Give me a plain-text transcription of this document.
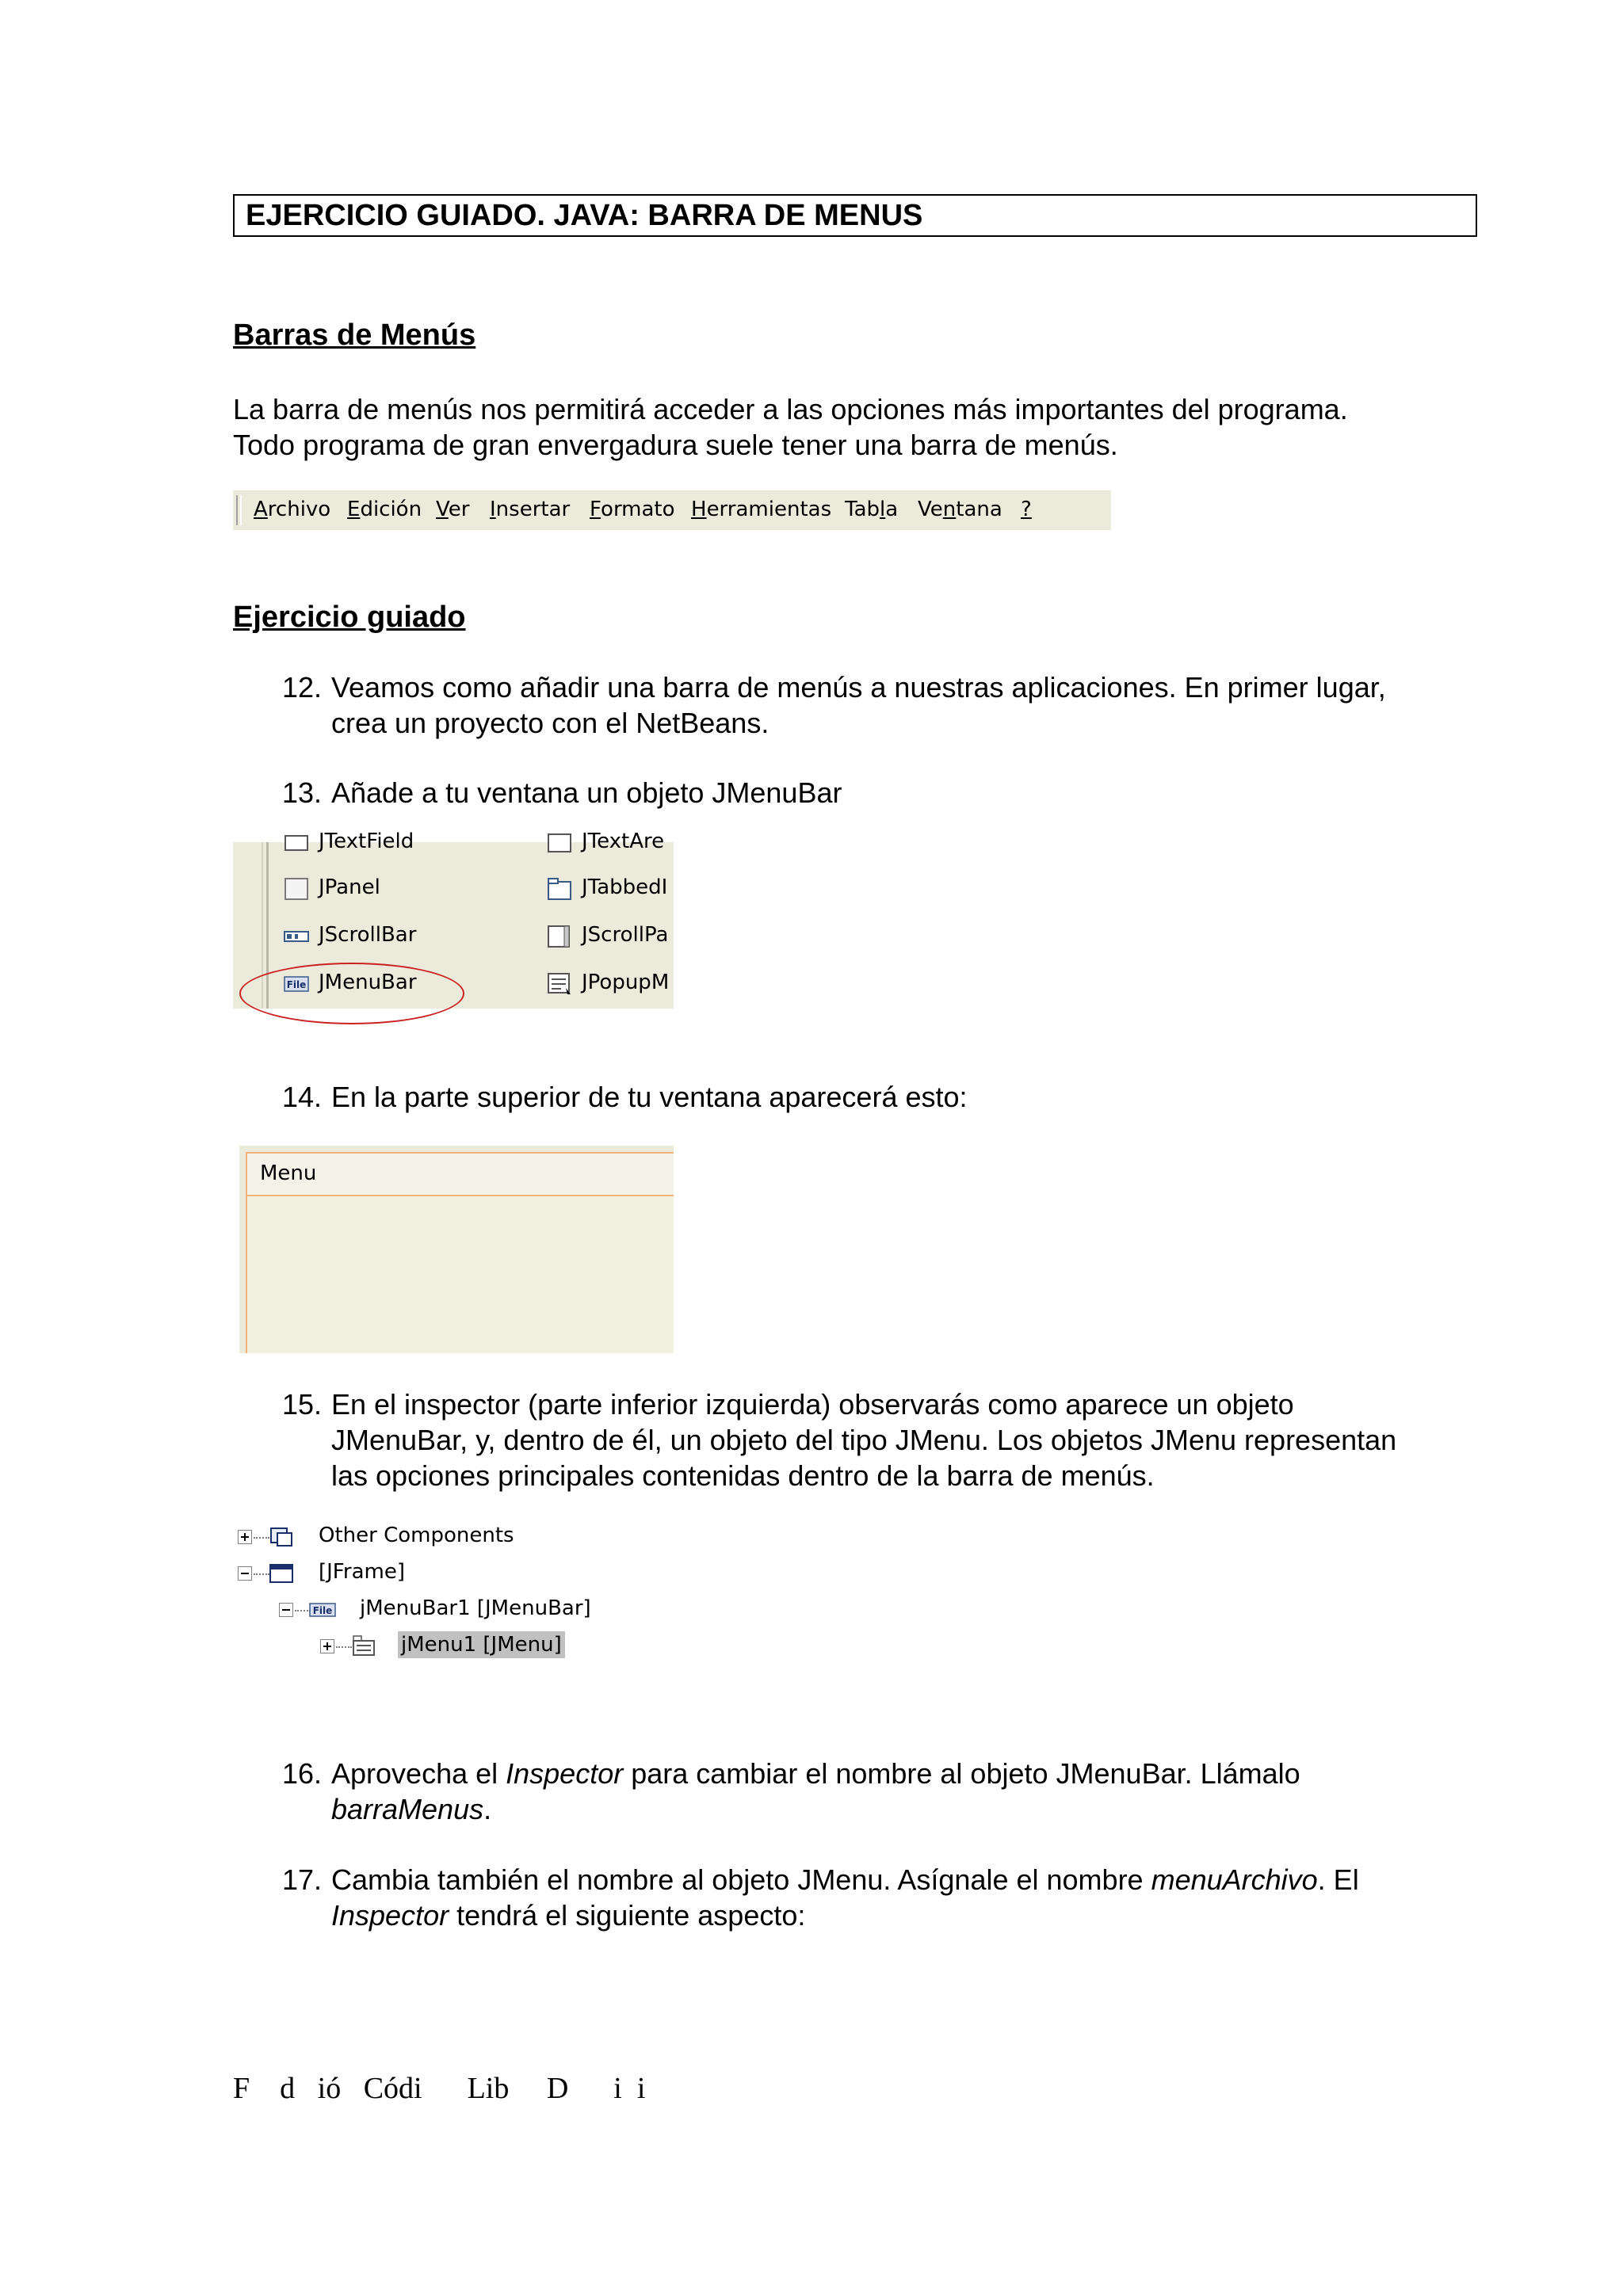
EJERCICIO GUIADO. JAVA: BARRA DE MENUS
Barras de Menús
La barra de menús nos permitirá acceder a las opciones más importantes del programa.
Todo programa de gran envergadura suele tener una barra de menús.
Archivo Edición Ver Insertar Formato Herramientas Tabla Ventana ?
Ejercicio guiado
12. Veamos como añadir una barra de menús a nuestras aplicaciones. En primer lugar,
crea un proyecto con el NetBeans.
13. Añade a tu ventana un objeto JMenuBar
JTextField	JTextAre
JPanel	JTabbedI
JScrollBar	JScrollPa
File JMenuBar	JPopupM
14. En la parte superior de tu ventana aparecerá esto:
Menu
15. En el inspector (parte inferior izquierda) observarás como aparece un objeto
JMenuBar, y, dentro de él, un objeto del tipo JMenu. Los objetos JMenu representan
las opciones principales contenidas dentro de la barra de menús.
Other Components
[JFrame]
File jMenuBar1 [JMenuBar]
jMenu1 [JMenu]
16. Aprovecha el Inspector para cambiar el nombre al objeto JMenuBar. Llámalo
barraMenus.
17. Cambia también el nombre al objeto JMenu. Asígnale el nombre menuArchivo. El
Inspector tendrá el siguiente aspecto:
F    d   ió   Códi      Lib     D      i  i
